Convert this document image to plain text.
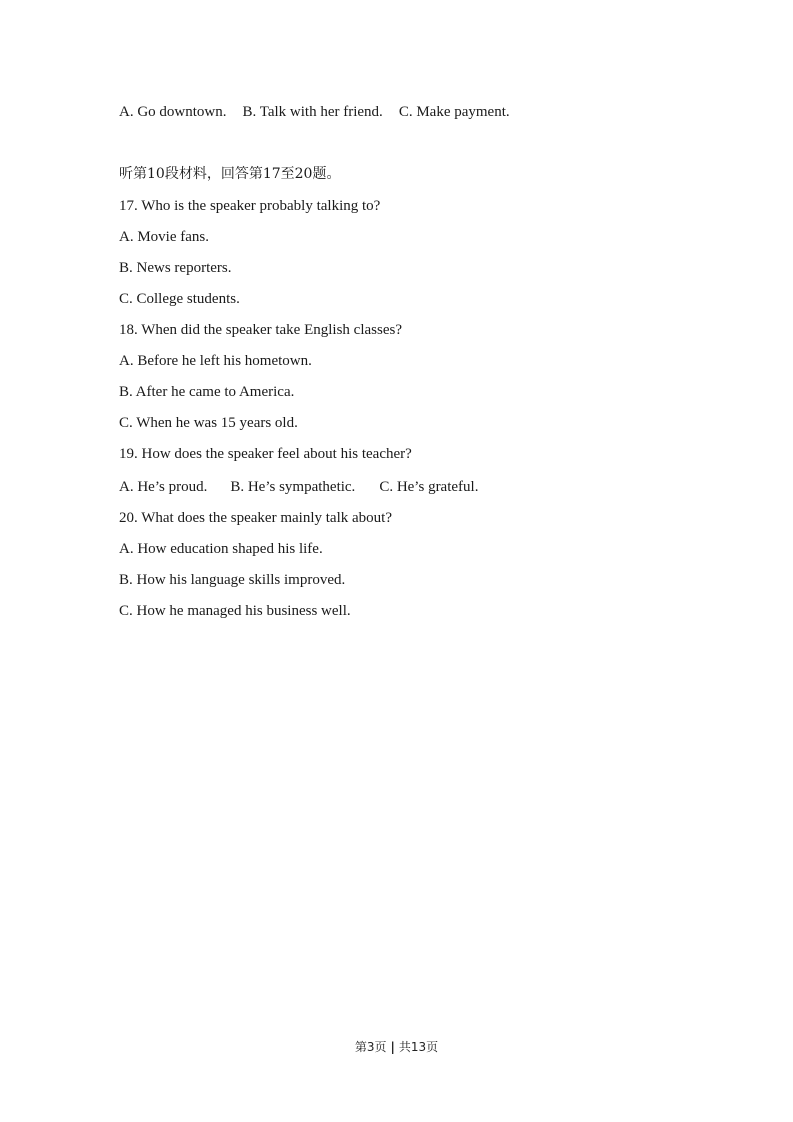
A. Go downtown. B. Talk with her friend. C. Make payment.
听第10段材料，回答第17至20题。
17. Who is the speaker probably talking to?
A. Movie fans.
B. News reporters.
C. College students.
18. When did the speaker take English classes?
A. Before he left his hometown.
B. After he came to America.
C. When he was 15 years old.
19. How does the speaker feel about his teacher?
A. He’s proud. B. He’s sympathetic. C. He’s grateful.
20. What does the speaker mainly talk about?
A. How education shaped his life.
B. How his language skills improved.
C. How he managed his business well.
第3页 | 共13页
